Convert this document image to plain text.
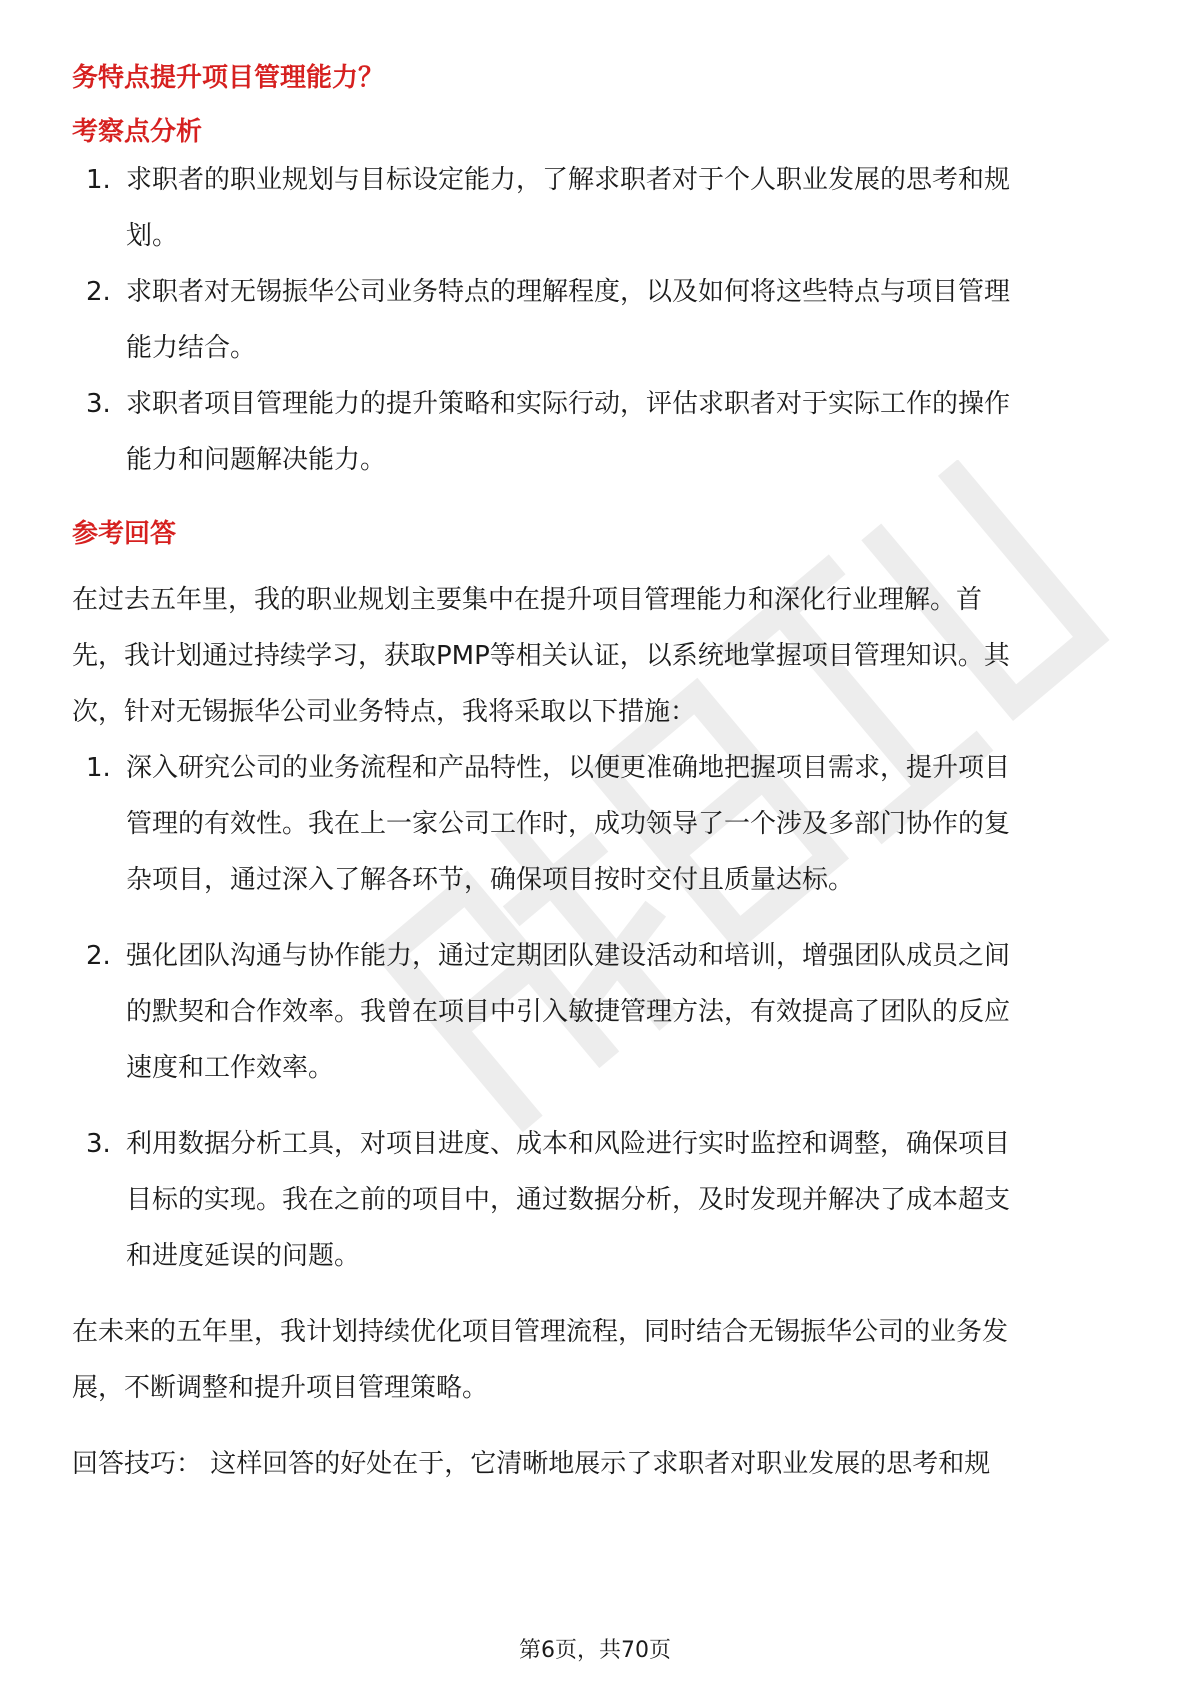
务特点提升项目管理能力？
考察点分析
1. 求职者的职业规划与目标设定能力，了解求职者对于个人职业发展的思考和规
划。
2. 求职者对无锡振华公司业务特点的理解程度，以及如何将这些特点与项目管理
能力结合。
3. 求职者项目管理能力的提升策略和实际行动，评估求职者对于实际工作的操作
能力和问题解决能力。
参考回答

在过去五年里，我的职业规划主要集中在提升项目管理能力和深化行业理解。首
先，我计划通过持续学习，获取PMP等相关认证，以系统地掌握项目管理知识。其
次，针对无锡振华公司业务特点，我将采取以下措施：

1. 深入研究公司的业务流程和产品特性，以便更准确地把握项目需求，提升项目
管理的有效性。我在上一家公司工作时，成功领导了一个涉及多部门协作的复
杂项目，通过深入了解各环节，确保项目按时交付且质量达标。
2. 强化团队沟通与协作能力，通过定期团队建设活动和培训，增强团队成员之间
的默契和合作效率。我曾在项目中引入敏捷管理方法，有效提高了团队的反应
速度和工作效率。
3. 利用数据分析工具，对项目进度、成本和风险进行实时监控和调整，确保项目
目标的实现。我在之前的项目中，通过数据分析，及时发现并解决了成本超支
和进度延误的问题。

在未来的五年里，我计划持续优化项目管理流程，同时结合无锡振华公司的业务发
展，不断调整和提升项目管理策略。

回答技巧： 这样回答的好处在于，它清晰地展示了求职者对职业发展的思考和规

第6页，共70页
